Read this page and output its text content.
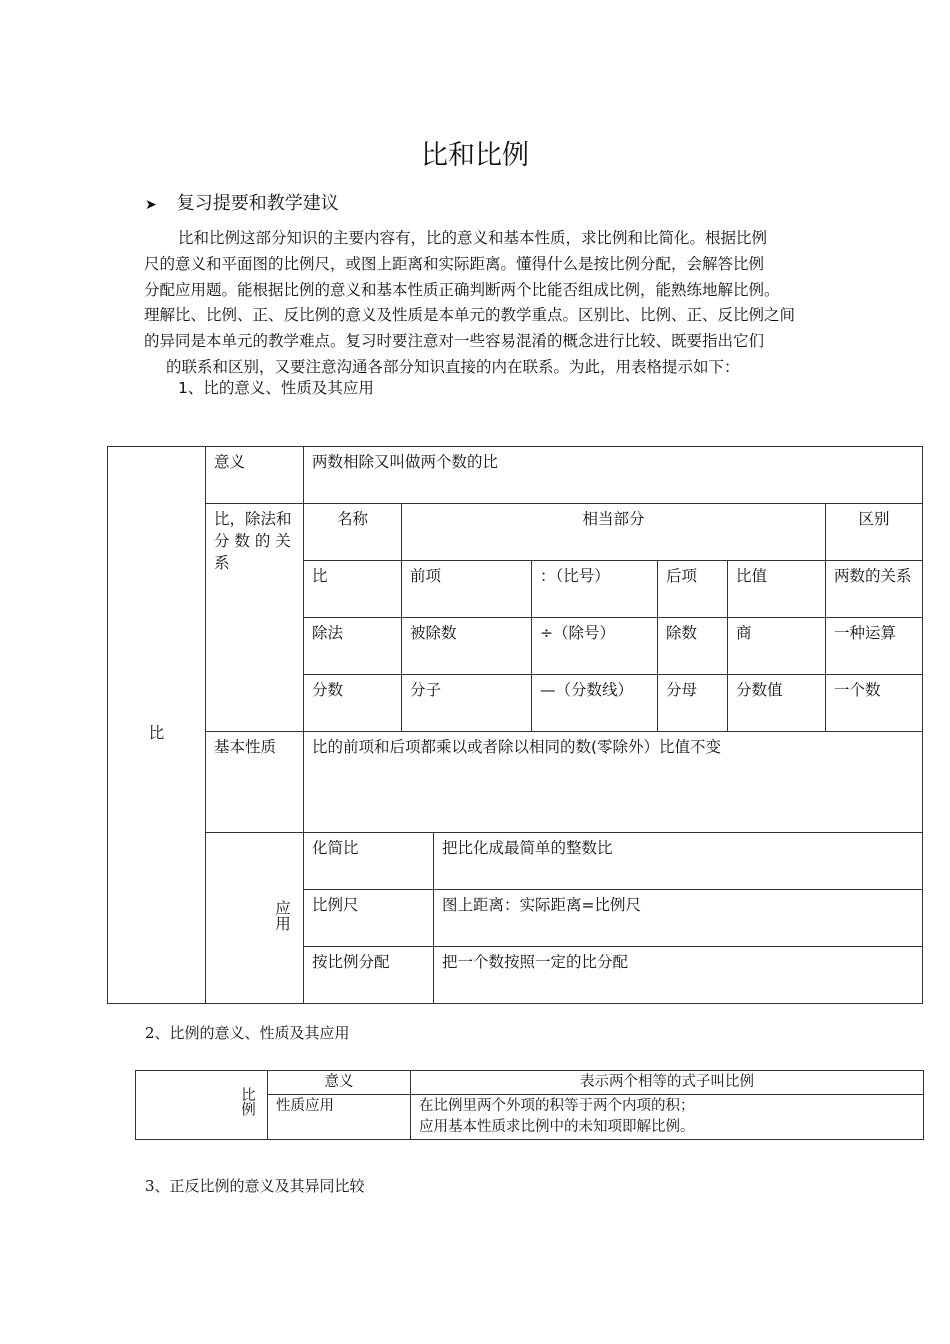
比和比例
➤ 复习提要和教学建议
比和比例这部分知识的主要内容有，比的意义和基本性质，求比例和比简化。根据比例
尺的意义和平面图的比例尺，或图上距离和实际距离。懂得什么是按比例分配，会解答比例
分配应用题。能根据比例的意义和基本性质正确判断两个比能否组成比例，能熟练地解比例。
理解比、比例、正、反比例的意义及性质是本单元的教学重点。区别比、比例、正、反比例之间
的异同是本单元的教学难点。复习时要注意对一些容易混淆的概念进行比较、既要指出它们
的联系和区别，又要注意沟通各部分知识直接的内在联系。为此，用表格提示如下：
1、比的意义、性质及其应用
比	意义	两数相除又叫做两个数的比						
	比，除法和分 数 的 关系	名称	相当部分					区别
		比	前项		：（比号）	后项	比值	两数的关系
		除法	被除数		÷（除号）	除数	商	一种运算
		分数	分子		—（分数线）	分母	分数值	一个数
	基本性质	比的前项和后项都乘以或者除以相同的数(零除外）比值不变						
	应用	化简比		把比化成最简单的整数比				
		比例尺		图上距离：实际距离=比例尺				
		按比例分配		把一个数按照一定的比分配				
2、比例的意义、性质及其应用
比例	意义	表示两个相等的式子叫比例
	性质应用	在比例里两个外项的积等于两个内项的积；
应用基本性质求比例中的未知项即解比例。
3、正反比例的意义及其异同比较
